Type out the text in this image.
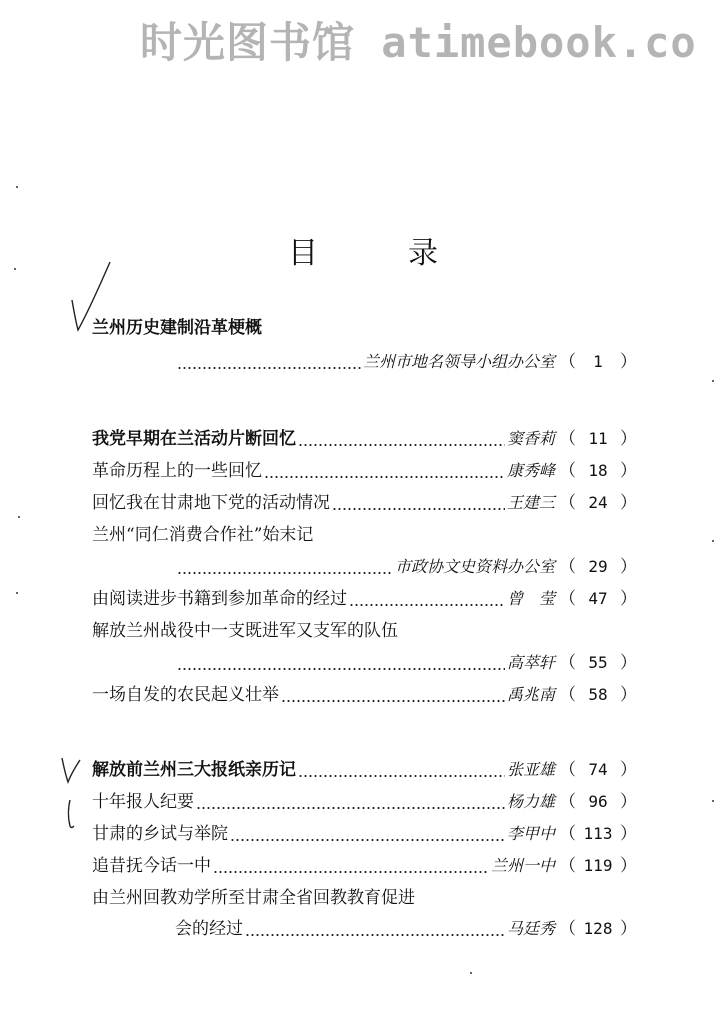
时光图书馆 atimebook.co
目	录
兰州历史建制沿革梗概
兰州市地名领导小组办公室 （	1	）
我党早期在兰活动片断回忆	窦香莉 （ 11 ）
革命历程上的一些回忆	康秀峰 （ 18 ）
回忆我在甘肃地下党的活动情况	王建三 （ 24 ）
兰州“同仁消费合作社”始末记
市政协文史资料办公室 （ 29 ）
由阅读进步书籍到参加革命的经过	曾　莹 （ 47 ）
解放兰州战役中一支既进军又支军的队伍
高萃轩 （ 55 ）
一场自发的农民起义壮举	禹兆南 （ 58 ）
解放前兰州三大报纸亲历记	张亚雄 （ 74 ）
十年报人纪要	杨力雄 （ 96 ）
甘肃的乡试与举院	李甲中 （ 113 ）
追昔抚今话一中	兰州一中 （ 119 ）
由兰州回教劝学所至甘肃全省回教教育促进
会的经过	马廷秀 （ 128 ）
